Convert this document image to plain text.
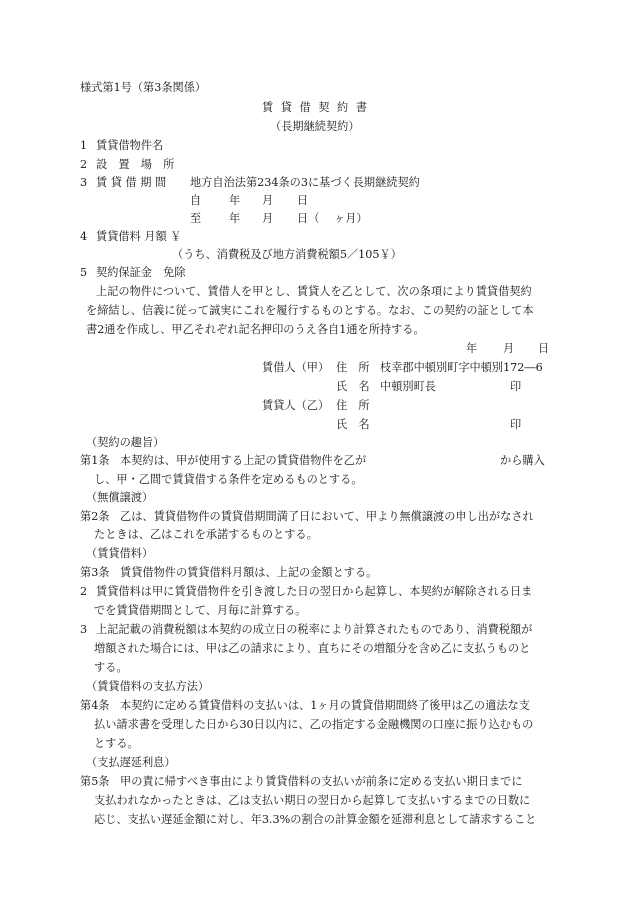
様式第1号（第3条関係）
賃 貸 借 契 約 書
（長期継続契約）
1 賃貸借物件名
2 設　置　場　所
3 賃 貸 借 期 間 地方自治法第234条の3に基づく長期継続契約
自 年 月 日
至 年 月 日（ ヶ月）
4 賃貸借料 月額 ￥
（うち、消費税及び地方消費税額5／105￥）
5 契約保証金　免除
上記の物件について、賃借人を甲とし、賃貸人を乙として、次の条項により賃貸借契約
を締結し、信義に従って誠実にこれを履行するものとする。なお、この契約の証として本
書2通を作成し、甲乙それぞれ記名押印のうえ各自1通を所持する。
年 月 日
賃借人（甲） 住　所 枝幸郡中頓別町字中頓別172―6
氏　名 中頓別町長	印
賃貸人（乙） 住　所
氏　名	印
（契約の趣旨）
第1条 本契約は、甲が使用する上記の賃貸借物件を乙が	から購入
し、甲・乙間で賃貸借する条件を定めるものとする。
（無償譲渡）
第2条 乙は、賃貸借物件の賃貸借期間満了日において、甲より無償譲渡の申し出がなされ
たときは、乙はこれを承諾するものとする。
（賃貸借料）
第3条 賃貸借物件の賃貸借料月額は、上記の金額とする。
2 賃貸借料は甲に賃貸借物件を引き渡した日の翌日から起算し、本契約が解除される日ま
でを賃貸借期間として、月毎に計算する。
3 上記記載の消費税額は本契約の成立日の税率により計算されたものであり、消費税額が
増額された場合には、甲は乙の請求により、直ちにその増額分を含め乙に支払うものと
する。
（賃貸借料の支払方法）
第4条 本契約に定める賃貸借料の支払いは、1ヶ月の賃貸借期間終了後甲は乙の適法な支
払い請求書を受理した日から30日以内に、乙の指定する金融機関の口座に振り込むもの
とする。
（支払遅延利息）
第5条 甲の責に帰すべき事由により賃貸借料の支払いが前条に定める支払い期日までに
支払われなかったときは、乙は支払い期日の翌日から起算して支払いするまでの日数に
応じ、支払い遅延金額に対し、年3.3%の割合の計算金額を延滞利息として請求すること
